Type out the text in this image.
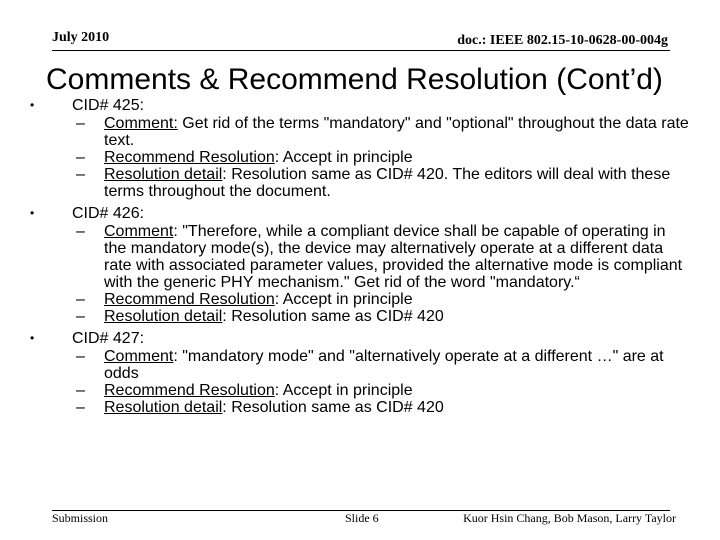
July 2010	doc.: IEEE 802.15-10-0628-00-004g
Comments & Recommend Resolution (Cont’d)
• CID# 425:
– Comment: Get rid of the terms "mandatory" and "optional" throughout the data rate text.
– Recommend Resolution: Accept in principle
– Resolution detail: Resolution same as CID# 420. The editors will deal with these terms throughout the document.
• CID# 426:
– Comment: "Therefore, while a compliant device shall be capable of operating in the mandatory mode(s), the device may alternatively operate at a different data rate with associated parameter values, provided the alternative mode is compliant with the generic PHY mechanism." Get rid of the word "mandatory.“
– Recommend Resolution: Accept in principle
– Resolution detail: Resolution same as CID# 420
• CID# 427:
– Comment: "mandatory mode" and "alternatively operate at a different …" are at odds
– Recommend Resolution: Accept in principle
– Resolution detail: Resolution same as CID# 420
Submission	Slide 6	Kuor Hsin Chang, Bob Mason, Larry Taylor
